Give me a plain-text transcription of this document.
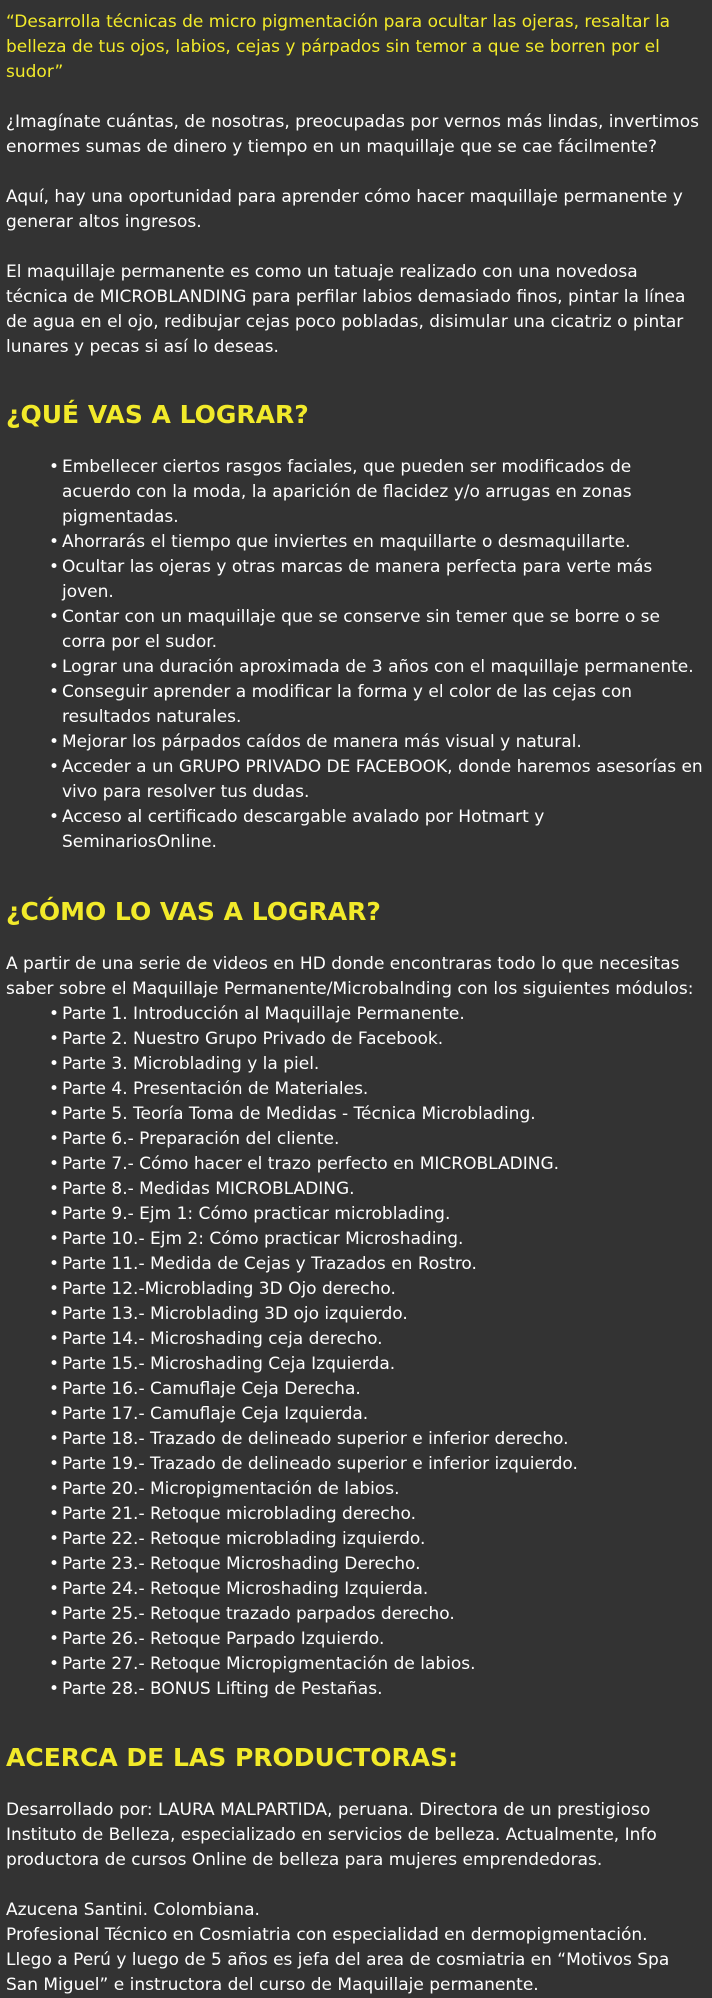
“Desarrolla técnicas de micro pigmentación para ocultar las ojeras, resaltar la belleza de tus ojos, labios, cejas y párpados sin temor a que se borren por el sudor”

¿Imagínate cuántas, de nosotras, preocupadas por vernos más lindas, invertimos enormes sumas de dinero y tiempo en un maquillaje que se cae fácilmente?

Aquí, hay una oportunidad para aprender cómo hacer maquillaje permanente y generar altos ingresos.

El maquillaje permanente es como un tatuaje realizado con una novedosa técnica de MICROBLANDING para perfilar labios demasiado finos, pintar la línea de agua en el ojo, redibujar cejas poco pobladas, disimular una cicatriz o pintar lunares y pecas si así lo deseas.

¿QUÉ VAS A LOGRAR?
• Embellecer ciertos rasgos faciales, que pueden ser modificados de acuerdo con la moda, la aparición de flacidez y/o arrugas en zonas pigmentadas.
• Ahorrarás el tiempo que inviertes en maquillarte o desmaquillarte.
• Ocultar las ojeras y otras marcas de manera perfecta para verte más joven.
• Contar con un maquillaje que se conserve sin temer que se borre o se corra por el sudor.
• Lograr una duración aproximada de 3 años con el maquillaje permanente.
• Conseguir aprender a modificar la forma y el color de las cejas con resultados naturales.
• Mejorar los párpados caídos de manera más visual y natural.
• Acceder a un GRUPO PRIVADO DE FACEBOOK, donde haremos asesorías en vivo para resolver tus dudas.
• Acceso al certificado descargable avalado por Hotmart y SeminariosOnline.
¿CÓMO LO VAS A LOGRAR?

A partir de una serie de videos en HD donde encontraras todo lo que necesitas saber sobre el Maquillaje Permanente/Microbalnding con los siguientes módulos:

• Parte 1. Introducción al Maquillaje Permanente.
• Parte 2. Nuestro Grupo Privado de Facebook.
• Parte 3. Microblading y la piel.
• Parte 4. Presentación de Materiales.
• Parte 5. Teoría Toma de Medidas - Técnica Microblading.
• Parte 6.- Preparación del cliente.
• Parte 7.- Cómo hacer el trazo perfecto en MICROBLADING.
• Parte 8.- Medidas MICROBLADING.
• Parte 9.- Ejm 1: Cómo practicar microblading.
• Parte 10.- Ejm 2: Cómo practicar Microshading.
• Parte 11.- Medida de Cejas y Trazados en Rostro.
• Parte 12.-Microblading 3D Ojo derecho.
• Parte 13.- Microblading 3D ojo izquierdo.
• Parte 14.- Microshading ceja derecho.
• Parte 15.- Microshading Ceja Izquierda.
• Parte 16.- Camuflaje Ceja Derecha.
• Parte 17.- Camuflaje Ceja Izquierda.
• Parte 18.- Trazado de delineado superior e inferior derecho.
• Parte 19.- Trazado de delineado superior e inferior izquierdo.
• Parte 20.- Micropigmentación de labios.
• Parte 21.- Retoque microblading derecho.
• Parte 22.- Retoque microblading izquierdo.
• Parte 23.- Retoque Microshading Derecho.
• Parte 24.- Retoque Microshading Izquierda.
• Parte 25.- Retoque trazado parpados derecho.
• Parte 26.- Retoque Parpado Izquierdo.
• Parte 27.- Retoque Micropigmentación de labios.
• Parte 28.- BONUS Lifting de Pestañas.
ACERCA DE LAS PRODUCTORAS:

Desarrollado por: LAURA MALPARTIDA, peruana. Directora de un prestigioso Instituto de Belleza, especializado en servicios de belleza. Actualmente, Info productora de cursos Online de belleza para mujeres emprendedoras.

Azucena Santini. Colombiana.

Profesional Técnico en Cosmiatria con especialidad en dermopigmentación.

Llego a Perú y luego de 5 años es jefa del area de cosmiatria en “Motivos Spa San Miguel” e instructora del curso de Maquillaje permanente.
